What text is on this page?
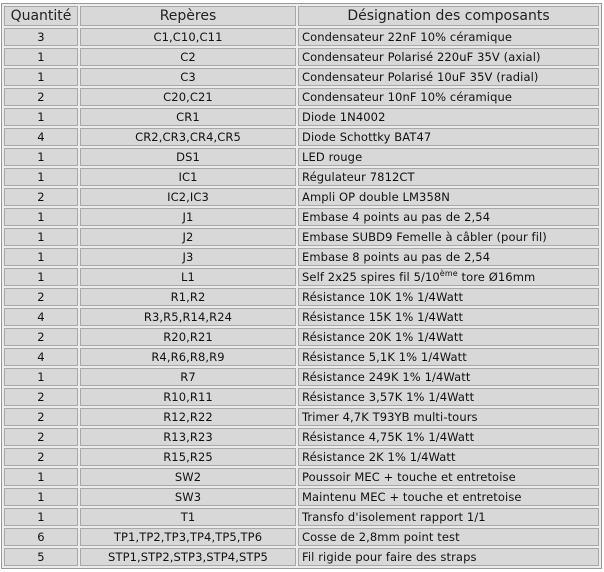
Quantité	Repères	Désignation des composants
3	C1,C10,C11	Condensateur 22nF 10% céramique
1	C2	Condensateur Polarisé 220uF 35V (axial)
1	C3	Condensateur Polarisé 10uF 35V (radial)
2	C20,C21	Condensateur 10nF 10% céramique
1	CR1	Diode 1N4002
4	CR2,CR3,CR4,CR5	Diode Schottky BAT47
1	DS1	LED rouge
1	IC1	Régulateur 7812CT
2	IC2,IC3	Ampli OP double LM358N
1	J1	Embase 4 points au pas de 2,54
1	J2	Embase SUBD9 Femelle à câbler (pour fil)
1	J3	Embase 8 points au pas de 2,54
1	L1	Self 2x25 spires fil 5/10ème tore Ø16mm
2	R1,R2	Résistance 10K 1% 1/4Watt
4	R3,R5,R14,R24	Résistance 15K 1% 1/4Watt
2	R20,R21	Résistance 20K 1% 1/4Watt
4	R4,R6,R8,R9	Résistance 5,1K 1% 1/4Watt
1	R7	Résistance 249K 1% 1/4Watt
2	R10,R11	Résistance 3,57K 1% 1/4Watt
2	R12,R22	Trimer 4,7K T93YB multi-tours
2	R13,R23	Résistance 4,75K 1% 1/4Watt
2	R15,R25	Résistance 2K 1% 1/4Watt
1	SW2	Poussoir MEC + touche et entretoise
1	SW3	Maintenu MEC + touche et entretoise
1	T1	Transfo d'isolement rapport 1/1
6	TP1,TP2,TP3,TP4,TP5,TP6	Cosse de 2,8mm point test
5	STP1,STP2,STP3,STP4,STP5	Fil rigide pour faire des straps
